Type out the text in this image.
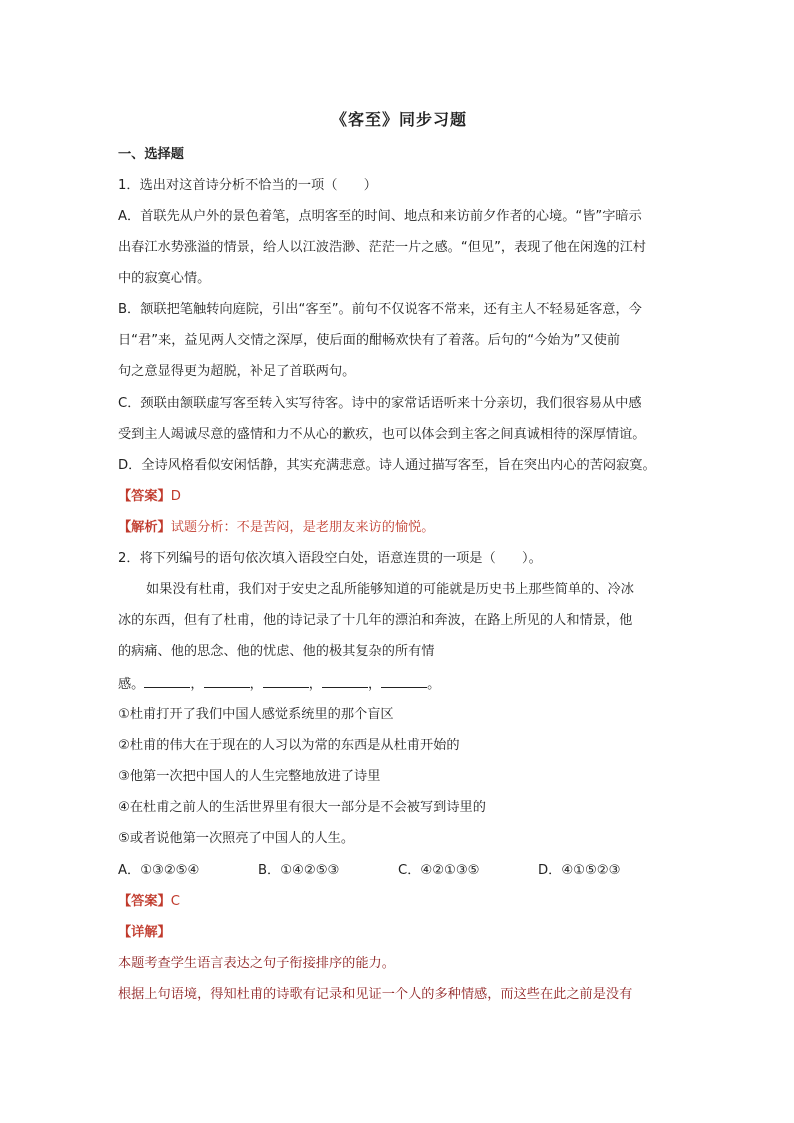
《客至》同步习题
一、选择题
1．选出对这首诗分析不恰当的一项（　　）
A．首联先从户外的景色着笔，点明客至的时间、地点和来访前夕作者的心境。“皆”字暗示
出春江水势涨溢的情景，给人以江波浩渺、茫茫一片之感。“但见”，表现了他在闲逸的江村
中的寂寞心情。
B．颔联把笔触转向庭院，引出“客至”。前句不仅说客不常来，还有主人不轻易延客意，今
日“君”来，益见两人交情之深厚，使后面的酣畅欢快有了着落。后句的“今始为”又使前
句之意显得更为超脱，补足了首联两句。
C．颈联由颔联虚写客至转入实写待客。诗中的家常话语听来十分亲切，我们很容易从中感
受到主人竭诚尽意的盛情和力不从心的歉疚，也可以体会到主客之间真诚相待的深厚情谊。
D．全诗风格看似安闲恬静，其实充满悲意。诗人通过描写客至，旨在突出内心的苦闷寂寞。
【答案】D
【解析】试题分析：不是苦闷，是老朋友来访的愉悦。
2．将下列编号的语句依次填入语段空白处，语意连贯的一项是（　　）。
如果没有杜甫，我们对于安史之乱所能够知道的可能就是历史书上那些简单的、冷冰
冰的东西，但有了杜甫，他的诗记录了十几年的漂泊和奔波，在路上所见的人和情景，他
的病痛、他的思念、他的忧虑、他的极其复杂的所有情
感。	，	，	，	，	。
①杜甫打开了我们中国人感觉系统里的那个盲区
②杜甫的伟大在于现在的人习以为常的东西是从杜甫开始的
③他第一次把中国人的人生完整地放进了诗里
④在杜甫之前人的生活世界里有很大一部分是不会被写到诗里的
⑤或者说他第一次照亮了中国人的人生。
A．①③②⑤④	B．①④②⑤③	C．④②①③⑤	D．④①⑤②③
【答案】C
【详解】
本题考查学生语言表达之句子衔接排序的能力。
根据上句语境，得知杜甫的诗歌有记录和见证一个人的多种情感，而这些在此之前是没有
